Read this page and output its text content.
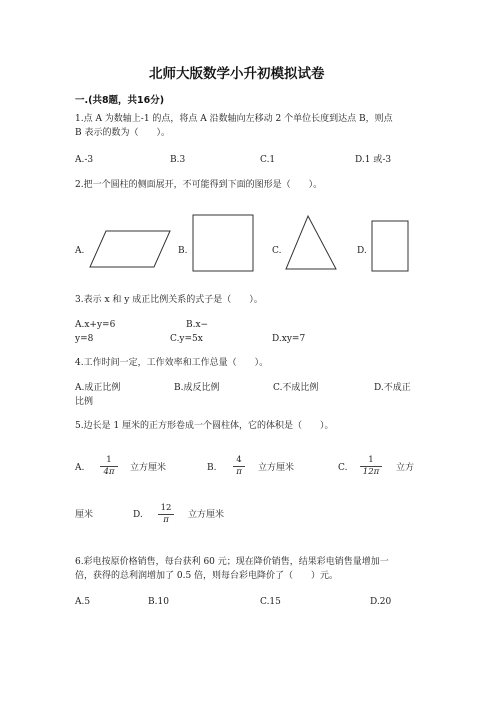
北师大版数学小升初模拟试卷
一.(共8题，共16分)
1.点 A 为数轴上-1 的点，将点 A 沿数轴向左移动 2 个单位长度到达点 B，则点
B 表示的数为（　　）。
A.-3	B.3	C.1	D.1 或-3
2.把一个圆柱的侧面展开，不可能得到下面的图形是（　　）。
A.	B.	C.	D.
3.表示 x 和 y 成正比例关系的式子是（　　）。
A.x+y=6	B.x−
y=8	C.y=5x	D.xy=7
4.工作时间一定，工作效率和工作总量（　　）。
A.成正比例	B.成反比例	C.不成比例	D.不成正
比例
5.边长是 1 厘米的正方形卷成一个圆柱体，它的体积是（　　）。
A. $\frac{1}{4\pi}$ 立方厘米	B. $\frac{4}{\pi}$ 立方厘米	C. $\frac{1}{12\pi}$ 立方
厘米	D. $\frac{12}{\pi}$ 立方厘米
6.彩电按原价格销售，每台获利 60 元；现在降价销售，结果彩电销售量增加一
倍，获得的总利润增加了 0.5 倍，则每台彩电降价了（　　）元。
A.5	B.10	C.15	D.20
